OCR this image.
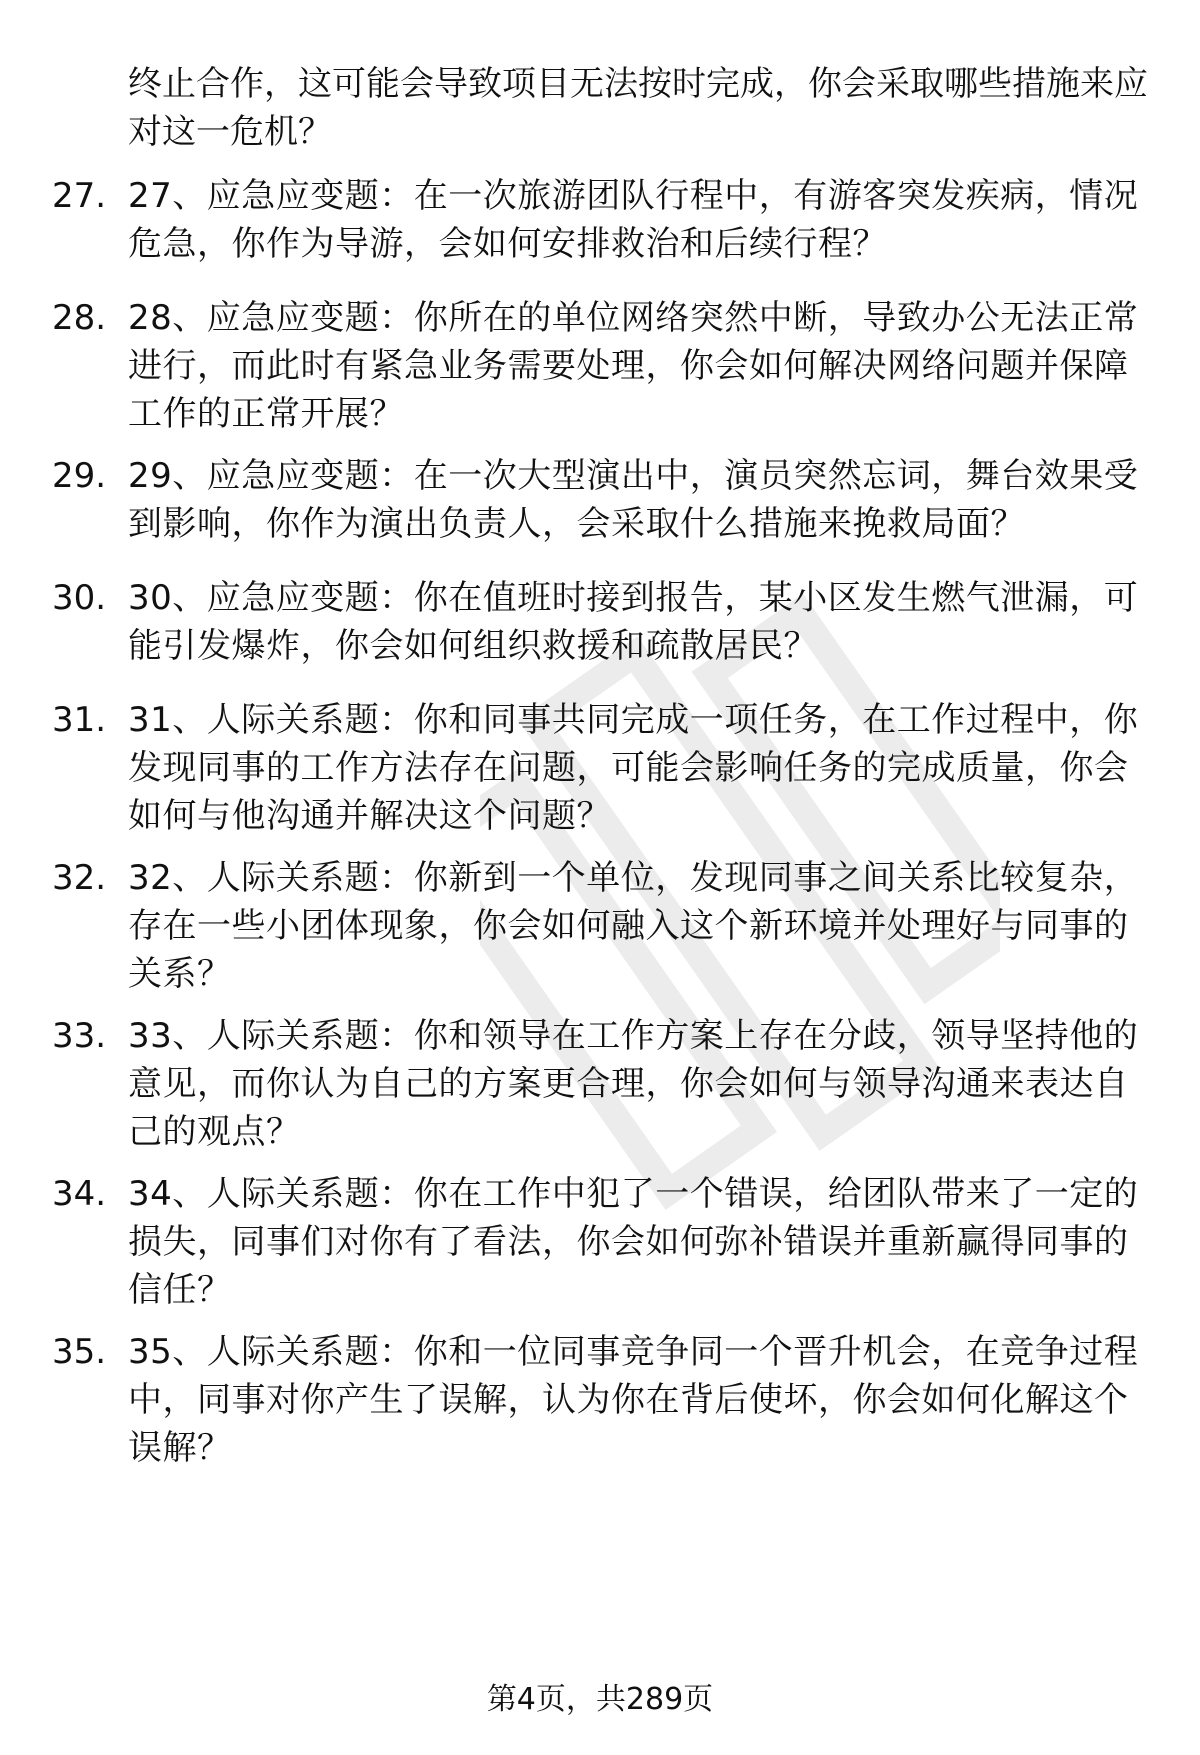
终止合作，这可能会导致项目无法按时完成，你会采取哪些措施来应对这一危机？

27. 27、应急应变题：在一次旅游团队行程中，有游客突发疾病，情况危急，你作为导游，会如何安排救治和后续行程？
28. 28、应急应变题：你所在的单位网络突然中断，导致办公无法正常进行，而此时有紧急业务需要处理，你会如何解决网络问题并保障工作的正常开展？
29. 29、应急应变题：在一次大型演出中，演员突然忘词，舞台效果受到影响，你作为演出负责人，会采取什么措施来挽救局面？
30. 30、应急应变题：你在值班时接到报告，某小区发生燃气泄漏，可能引发爆炸，你会如何组织救援和疏散居民？
31. 31、人际关系题：你和同事共同完成一项任务，在工作过程中，你发现同事的工作方法存在问题，可能会影响任务的完成质量，你会如何与他沟通并解决这个问题？
32. 32、人际关系题：你新到一个单位，发现同事之间关系比较复杂，存在一些小团体现象，你会如何融入这个新环境并处理好与同事的关系？
33. 33、人际关系题：你和领导在工作方案上存在分歧，领导坚持他的意见，而你认为自己的方案更合理，你会如何与领导沟通来表达自己的观点？
34. 34、人际关系题：你在工作中犯了一个错误，给团队带来了一定的损失，同事们对你有了看法，你会如何弥补错误并重新赢得同事的信任？
35. 35、人际关系题：你和一位同事竞争同一个晋升机会，在竞争过程中，同事对你产生了误解，认为你在背后使坏，你会如何化解这个误解？
第4页，共289页
